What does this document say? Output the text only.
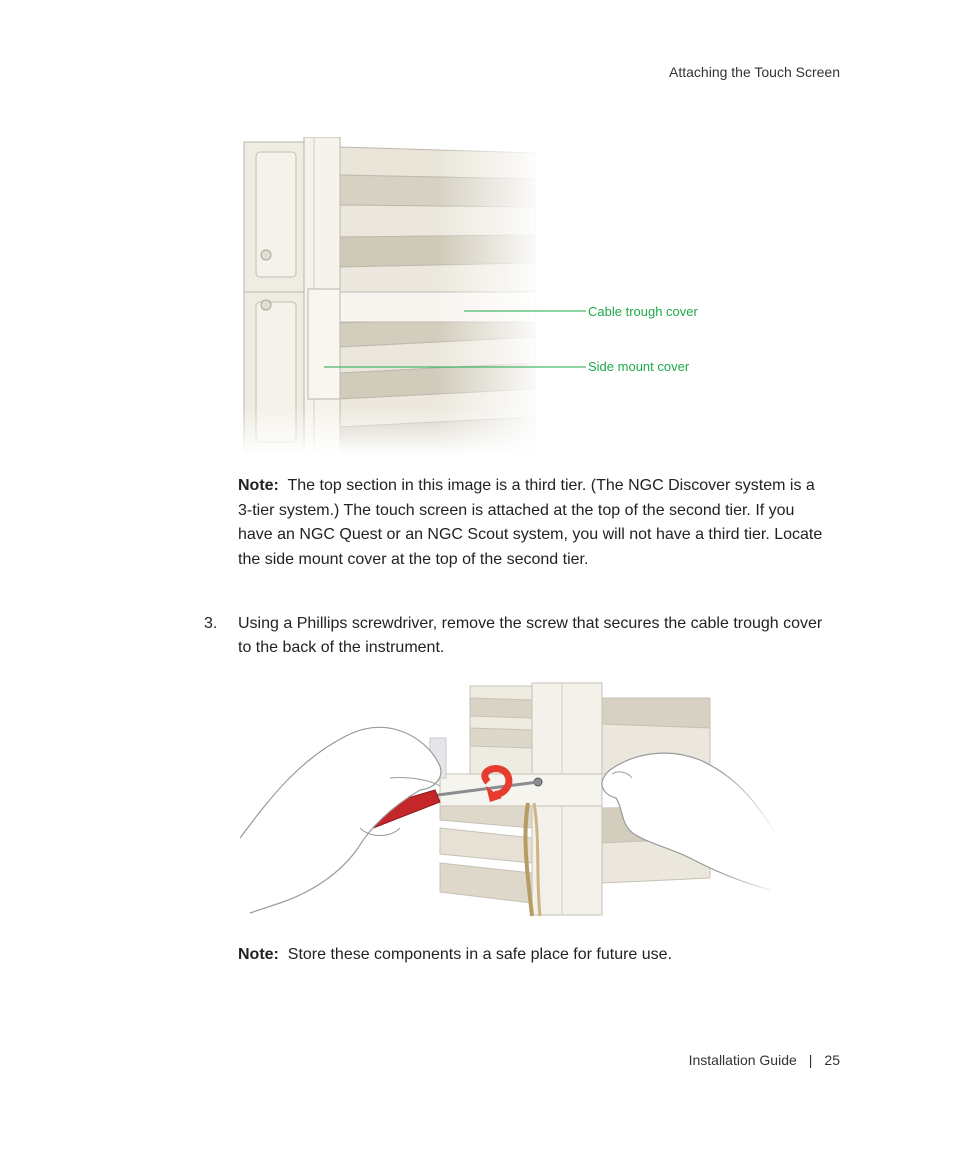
Attaching the Touch Screen
Cable trough cover
Side mount cover
Note: The top section in this image is a third tier. (The NGC Discover system is a 3-tier system.) The touch screen is attached at the top of the second tier. If you have an NGC Quest or an NGC Scout system, you will not have a third tier. Locate the side mount cover at the top of the second tier.
3. Using a Phillips screwdriver, remove the screw that secures the cable trough cover to the back of the instrument.
Note: Store these components in a safe place for future use.
Installation Guide | 25
